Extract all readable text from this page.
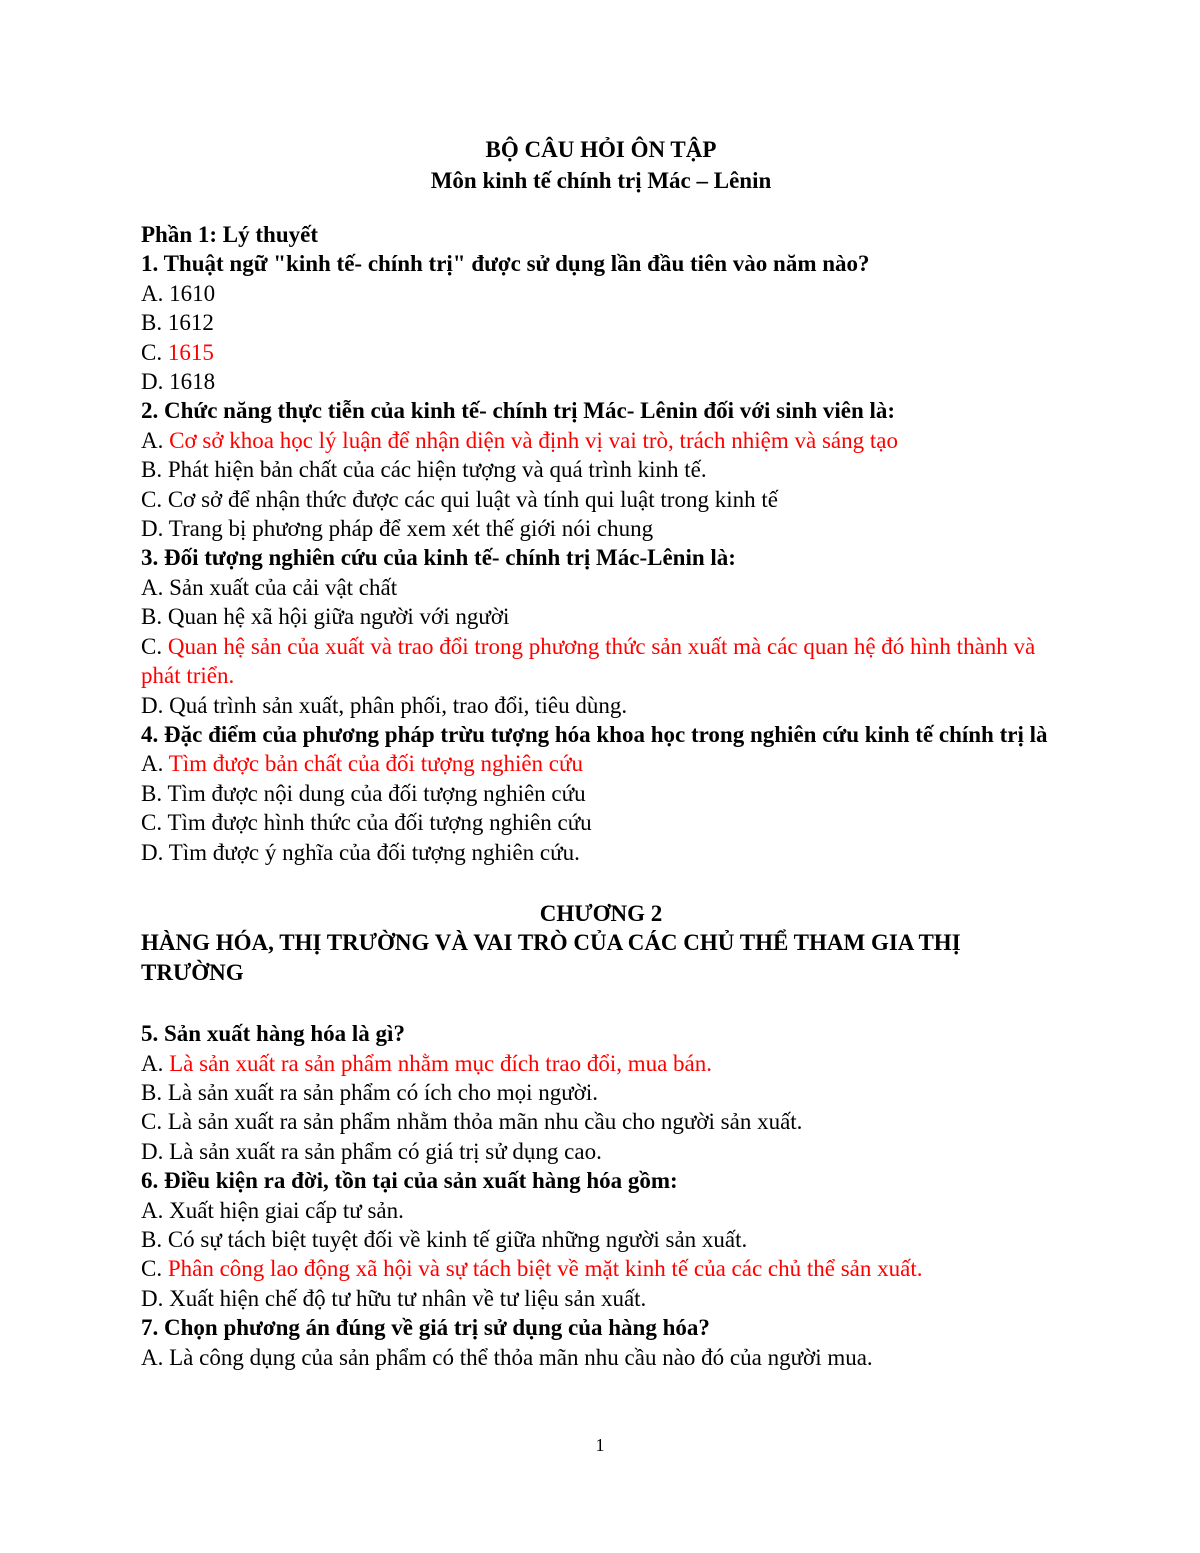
BỘ CÂU HỎI ÔN TẬP

Môn kinh tế chính trị Mác – Lênin

Phần 1: Lý thuyết

1. Thuật ngữ "kinh tế- chính trị" được sử dụng lần đầu tiên vào năm nào?

A. 1610

B. 1612

C. 1615

D. 1618

2. Chức năng thực tiễn của kinh tế- chính trị Mác- Lênin đối với sinh viên là:

A. Cơ sở khoa học lý luận để nhận diện và định vị vai trò, trách nhiệm và sáng tạo

B. Phát hiện bản chất của các hiện tượng và quá trình kinh tế.

C. Cơ sở để nhận thức được các qui luật và tính qui luật trong kinh tế

D. Trang bị phương pháp để xem xét thế giới nói chung

3. Đối tượng nghiên cứu của kinh tế- chính trị Mác-Lênin là:

A. Sản xuất của cải vật chất

B. Quan hệ xã hội giữa người với người

C. Quan hệ sản của xuất và trao đổi trong phương thức sản xuất mà các quan hệ đó hình thành và phát triển.

D. Quá trình sản xuất, phân phối, trao đổi, tiêu dùng.

4. Đặc điểm của phương pháp trừu tượng hóa khoa học trong nghiên cứu kinh tế chính trị là

A. Tìm được bản chất của đối tượng nghiên cứu

B. Tìm được nội dung của đối tượng nghiên cứu

C. Tìm được hình thức của đối tượng nghiên cứu

D. Tìm được ý nghĩa của đối tượng nghiên cứu.

CHƯƠNG 2

HÀNG HÓA, THỊ TRƯỜNG VÀ VAI TRÒ CỦA CÁC CHỦ THỂ THAM GIA THỊ TRƯỜNG

5. Sản xuất hàng hóa là gì?

A. Là sản xuất ra sản phẩm nhằm mục đích trao đổi, mua bán.

B. Là sản xuất ra sản phẩm có ích cho mọi người.

C. Là sản xuất ra sản phẩm nhằm thỏa mãn nhu cầu cho người sản xuất.

D. Là sản xuất ra sản phẩm có giá trị sử dụng cao.

6. Điều kiện ra đời, tồn tại của sản xuất hàng hóa gồm:

A. Xuất hiện giai cấp tư sản.

B. Có sự tách biệt tuyệt đối về kinh tế giữa những người sản xuất.

C. Phân công lao động xã hội và sự tách biệt về mặt kinh tế của các chủ thể sản xuất.

D. Xuất hiện chế độ tư hữu tư nhân về tư liệu sản xuất.

7. Chọn phương án đúng về giá trị sử dụng của hàng hóa?

A. Là công dụng của sản phẩm có thể thỏa mãn nhu cầu nào đó của người mua.

1
